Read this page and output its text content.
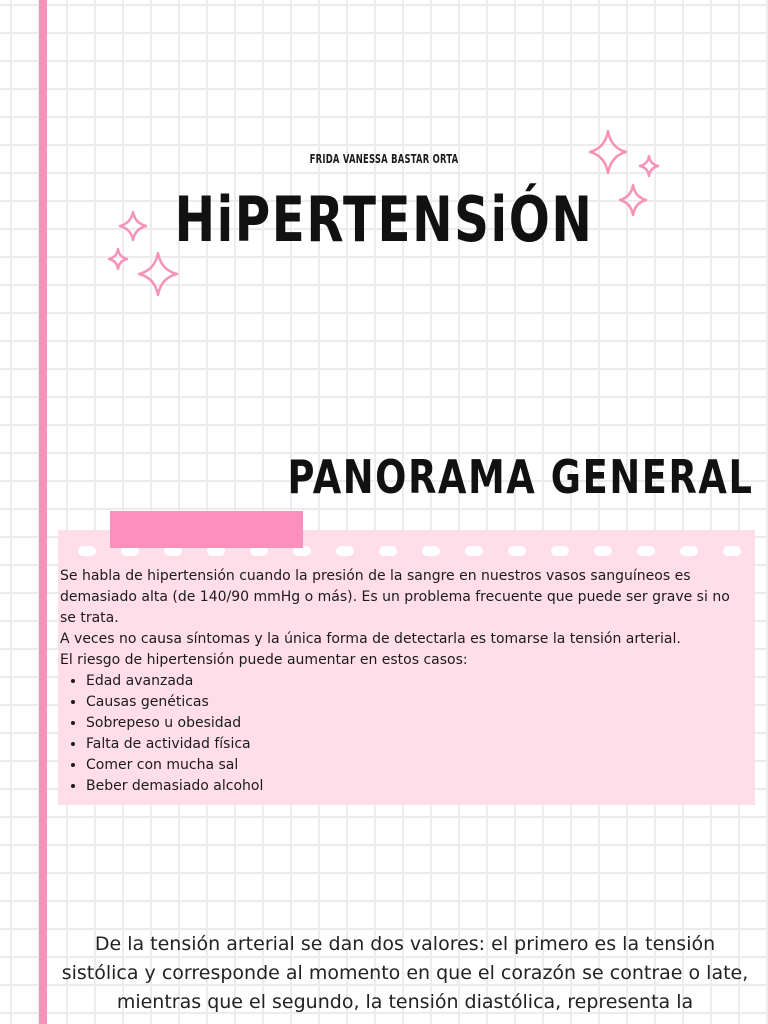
FRIDA VANESSA BASTAR ORTA
HiPERTENSiÓN
PANORAMA GENERAL

Se habla de hipertensión cuando la presión de la sangre en nuestros vasos sanguíneos es demasiado alta (de 140/90 mmHg o más). Es un problema frecuente que puede ser grave si no se trata.

A veces no causa síntomas y la única forma de detectarla es tomarse la tensión arterial.

El riesgo de hipertensión puede aumentar en estos casos:

• Edad avanzada
• Causas genéticas
• Sobrepeso u obesidad
• Falta de actividad física
• Comer con mucha sal
• Beber demasiado alcohol
De la tensión arterial se dan dos valores: el primero es la tensión sistólica y corresponde al momento en que el corazón se contrae o late, mientras que el segundo, la tensión diastólica, representa la
